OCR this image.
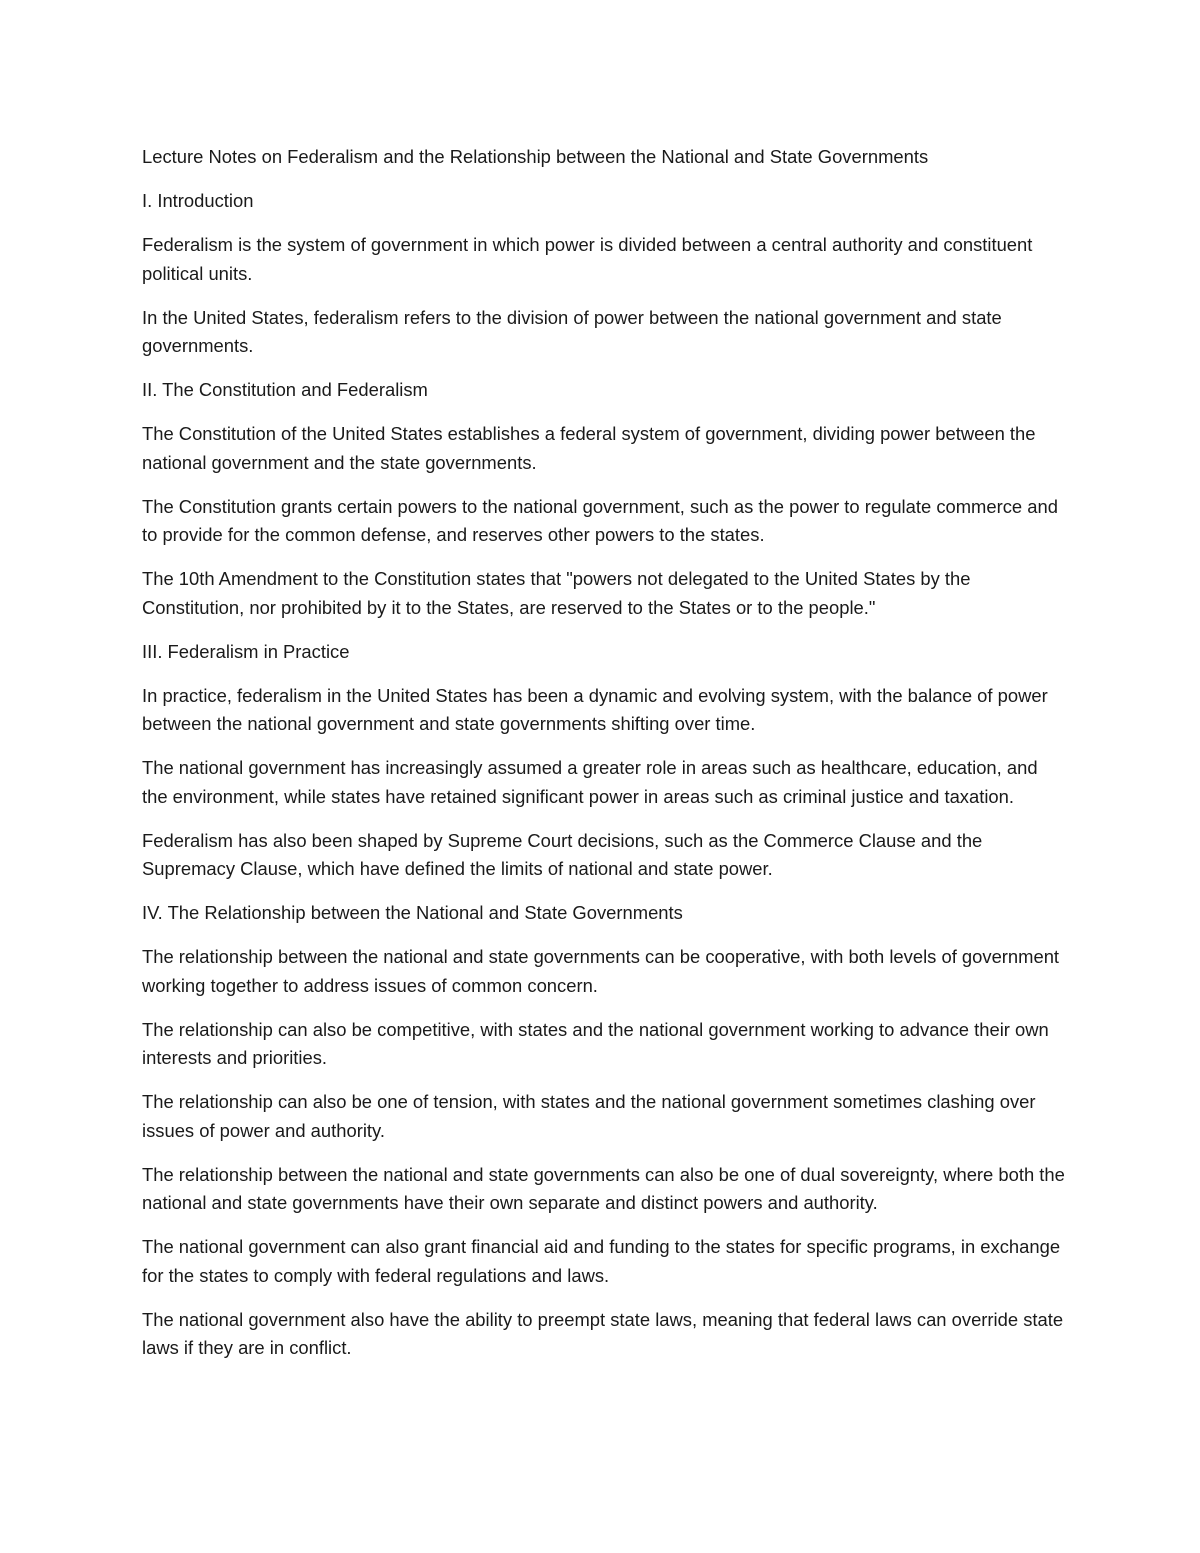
Lecture Notes on Federalism and the Relationship between the National and State Governments

I. Introduction

Federalism is the system of government in which power is divided between a central authority and constituent political units.

In the United States, federalism refers to the division of power between the national government and state governments.

II. The Constitution and Federalism

The Constitution of the United States establishes a federal system of government, dividing power between the national government and the state governments.

The Constitution grants certain powers to the national government, such as the power to regulate commerce and to provide for the common defense, and reserves other powers to the states.

The 10th Amendment to the Constitution states that "powers not delegated to the United States by the Constitution, nor prohibited by it to the States, are reserved to the States or to the people."

III. Federalism in Practice

In practice, federalism in the United States has been a dynamic and evolving system, with the balance of power between the national government and state governments shifting over time.

The national government has increasingly assumed a greater role in areas such as healthcare, education, and the environment, while states have retained significant power in areas such as criminal justice and taxation.

Federalism has also been shaped by Supreme Court decisions, such as the Commerce Clause and the Supremacy Clause, which have defined the limits of national and state power.

IV. The Relationship between the National and State Governments

The relationship between the national and state governments can be cooperative, with both levels of government working together to address issues of common concern.

The relationship can also be competitive, with states and the national government working to advance their own interests and priorities.

The relationship can also be one of tension, with states and the national government sometimes clashing over issues of power and authority.

The relationship between the national and state governments can also be one of dual sovereignty, where both the national and state governments have their own separate and distinct powers and authority.

The national government can also grant financial aid and funding to the states for specific programs, in exchange for the states to comply with federal regulations and laws.

The national government also have the ability to preempt state laws, meaning that federal laws can override state laws if they are in conflict.
